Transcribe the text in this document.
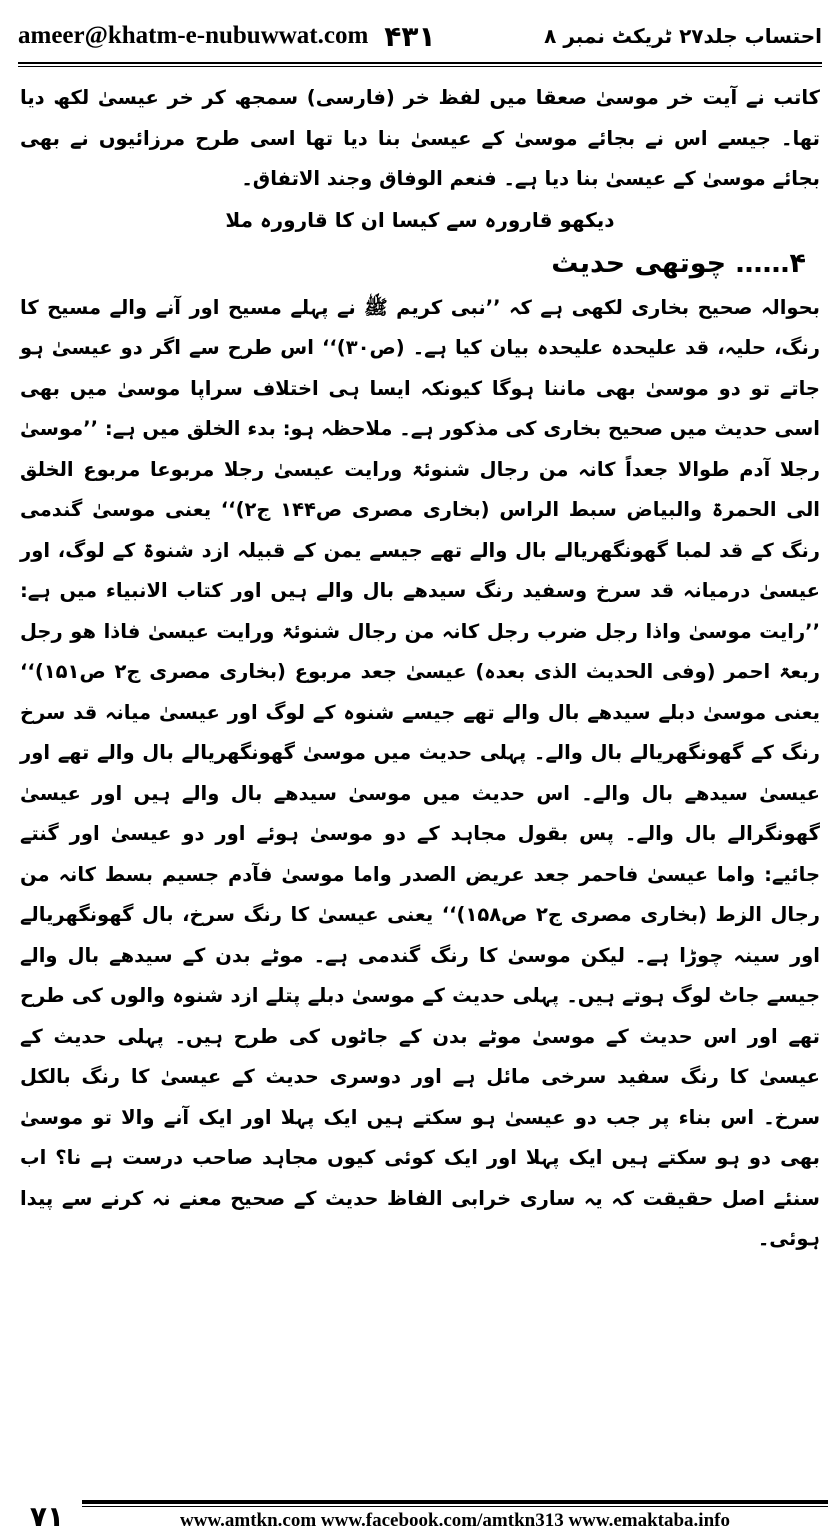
ameer@khatm-e-nubuwwat.com ۴۳۱	احتساب جلد۲۷ ٹریکٹ نمبر ۸

کاتب نے آیت خر موسیٰ صعقا میں لفظ خر (فارسی) سمجھ کر خر عیسیٰ لکھ دیا تھا۔ جیسے اس نے بجائے موسیٰ کے عیسیٰ بنا دیا تھا اسی طرح مرزائیوں نے بھی بجائے موسیٰ کے عیسیٰ بنا دیا ہے۔ فنعم الوفاق وجند الاتفاق۔

دیکھو قارورہ سے کیسا ان کا قارورہ ملا

۴…… چوتھی حدیث

بحوالہ صحیح بخاری لکھی ہے کہ ’’نبی کریم ﷺ نے پہلے مسیح اور آنے والے مسیح کا رنگ، حلیہ، قد علیحدہ علیحدہ بیان کیا ہے۔ (ص۳۰)‘‘ اس طرح سے اگر دو عیسیٰ ہو جاتے تو دو موسیٰ بھی ماننا ہوگا کیونکہ ایسا ہی اختلاف سراپا موسیٰ میں بھی اسی حدیث میں صحیح بخاری کی مذکور ہے۔ ملاحظہ ہو: بدء الخلق میں ہے: ’’موسیٰ رجلا آدم طوالا جعداً کانہ من رجال شنوئۃ ورایت عیسیٰ رجلا مربوعا مربوع الخلق الی الحمرۃ والبیاض سبط الراس (بخاری مصری ص۱۴۴ ج۲)‘‘ یعنی موسیٰ گندمی رنگ کے قد لمبا گھونگھریالے بال والے تھے جیسے یمن کے قبیلہ ازد شنوۃ کے لوگ، اور عیسیٰ درمیانہ قد سرخ وسفید رنگ سیدھے بال والے ہیں اور کتاب الانبیاء میں ہے: ’’رایت موسیٰ واذا رجل ضرب رجل کانہ من رجال شنوئۃ ورایت عیسیٰ فاذا ھو رجل ربعۃ احمر (وفی الحدیث الذی بعدہ) عیسیٰ جعد مربوع (بخاری مصری ج۲ ص۱۵۱)‘‘ یعنی موسیٰ دبلے سیدھے بال والے تھے جیسے شنوہ کے لوگ اور عیسیٰ میانہ قد سرخ رنگ کے گھونگھریالے بال والے۔ پہلی حدیث میں موسیٰ گھونگھریالے بال والے تھے اور عیسیٰ سیدھے بال والے۔ اس حدیث میں موسیٰ سیدھے بال والے ہیں اور عیسیٰ گھونگرالے بال والے۔ پس بقول مجاہد کے دو موسیٰ ہوئے اور دو عیسیٰ اور گنتے جائیے: واما عیسیٰ فاحمر جعد عریض الصدر واما موسیٰ فآدم جسیم بسط کانہ من رجال الزط (بخاری مصری ج۲ ص۱۵۸)‘‘ یعنی عیسیٰ کا رنگ سرخ، بال گھونگھریالے اور سینہ چوڑا ہے۔ لیکن موسیٰ کا رنگ گندمی ہے۔ موٹے بدن کے سیدھے بال والے جیسے جاٹ لوگ ہوتے ہیں۔ پہلی حدیث کے موسیٰ دبلے پتلے ازد شنوہ والوں کی طرح تھے اور اس حدیث کے موسیٰ موٹے بدن کے جاٹوں کی طرح ہیں۔ پہلی حدیث کے عیسیٰ کا رنگ سفید سرخی مائل ہے اور دوسری حدیث کے عیسیٰ کا رنگ بالکل سرخ۔ اس بناء پر جب دو عیسیٰ ہو سکتے ہیں ایک پہلا اور ایک آنے والا تو موسیٰ بھی دو ہو سکتے ہیں ایک پہلا اور ایک کوئی کیوں مجاہد صاحب درست ہے نا؟ اب سنئے اصل حقیقت کہ یہ ساری خرابی الفاظ حدیث کے صحیح معنے نہ کرنے سے پیدا ہوئی۔

۷۱	www.amtkn.com www.facebook.com/amtkn313 www.emaktaba.info
